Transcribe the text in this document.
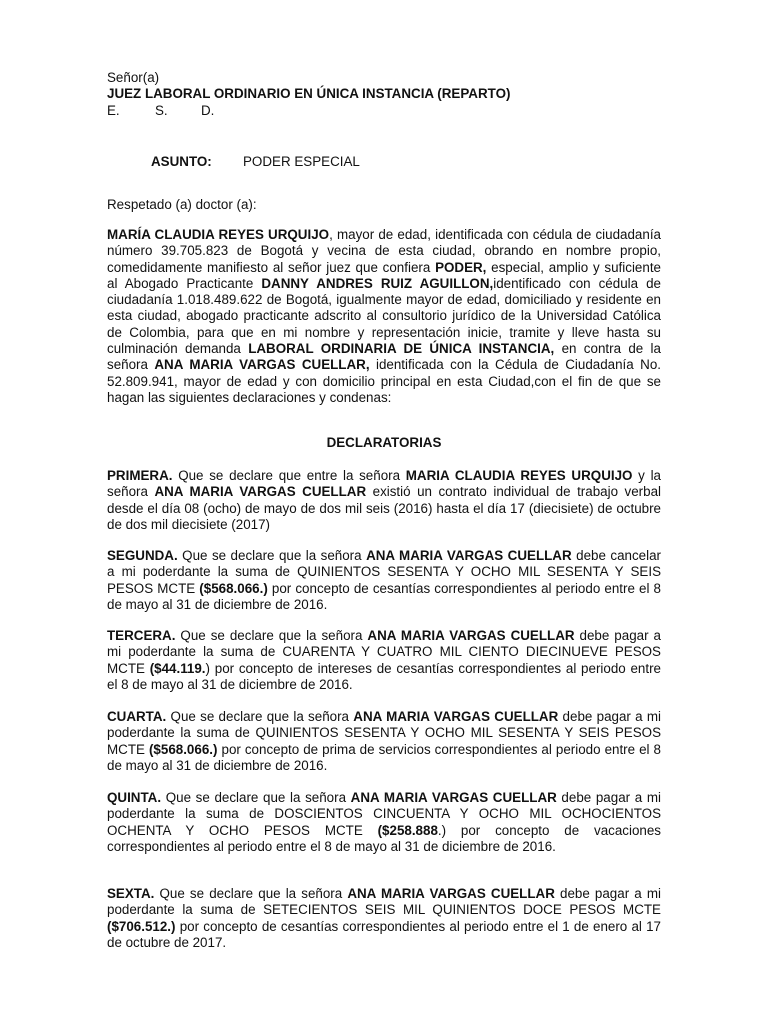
Señor(a)
JUEZ LABORAL ORDINARIO EN ÚNICA INSTANCIA (REPARTO)
E.	S. D.
ASUNTO: PODER ESPECIAL
Respetado (a) doctor (a):

MARÍA CLAUDIA REYES URQUIJO, mayor de edad, identificada con cédula de ciudadanía número 39.705.823 de Bogotá y vecina de esta ciudad, obrando en nombre propio, comedidamente manifiesto al señor juez que confiera PODER, especial, amplio y suficiente al Abogado Practicante DANNY ANDRES RUIZ AGUILLON,identificado con cédula de ciudadanía 1.018.489.622 de Bogotá, igualmente mayor de edad, domiciliado y residente en esta ciudad, abogado practicante adscrito al consultorio jurídico de la Universidad Católica de Colombia, para que en mi nombre y representación inicie, tramite y lleve hasta su culminación demanda LABORAL ORDINARIA DE ÚNICA INSTANCIA, en contra de la señora ANA MARIA VARGAS CUELLAR, identificada con la Cédula de Ciudadanía No. 52.809.941, mayor de edad y con domicilio principal en esta Ciudad,con el fin de que se hagan las siguientes declaraciones y condenas:

DECLARATORIAS

PRIMERA. Que se declare que entre la señora MARIA CLAUDIA REYES URQUIJO y la señora ANA MARIA VARGAS CUELLAR existió un contrato individual de trabajo verbal desde el día 08 (ocho) de mayo de dos mil seis (2016) hasta el día 17 (diecisiete) de octubre de dos mil diecisiete (2017)

SEGUNDA. Que se declare que la señora ANA MARIA VARGAS CUELLAR debe cancelar a mi poderdante la suma de QUINIENTOS SESENTA Y OCHO MIL SESENTA Y SEIS PESOS MCTE ($568.066.) por concepto de cesantías correspondientes al periodo entre el 8 de mayo al 31 de diciembre de 2016.

TERCERA. Que se declare que la señora ANA MARIA VARGAS CUELLAR debe pagar a mi poderdante la suma de CUARENTA Y CUATRO MIL CIENTO DIECINUEVE PESOS MCTE ($44.119.) por concepto de intereses de cesantías correspondientes al periodo entre el 8 de mayo al 31 de diciembre de 2016.

CUARTA. Que se declare que la señora ANA MARIA VARGAS CUELLAR debe pagar a mi poderdante la suma de QUINIENTOS SESENTA Y OCHO MIL SESENTA Y SEIS PESOS MCTE ($568.066.) por concepto de prima de servicios correspondientes al periodo entre el 8 de mayo al 31 de diciembre de 2016.

QUINTA. Que se declare que la señora ANA MARIA VARGAS CUELLAR debe pagar a mi poderdante la suma de DOSCIENTOS CINCUENTA Y OCHO MIL OCHOCIENTOS OCHENTA Y OCHO PESOS MCTE ($258.888.) por concepto de vacaciones correspondientes al periodo entre el 8 de mayo al 31 de diciembre de 2016.

SEXTA. Que se declare que la señora ANA MARIA VARGAS CUELLAR debe pagar a mi poderdante la suma de SETECIENTOS SEIS MIL QUINIENTOS DOCE PESOS MCTE ($706.512.) por concepto de cesantías correspondientes al periodo entre el 1 de enero al 17 de octubre de 2017.
